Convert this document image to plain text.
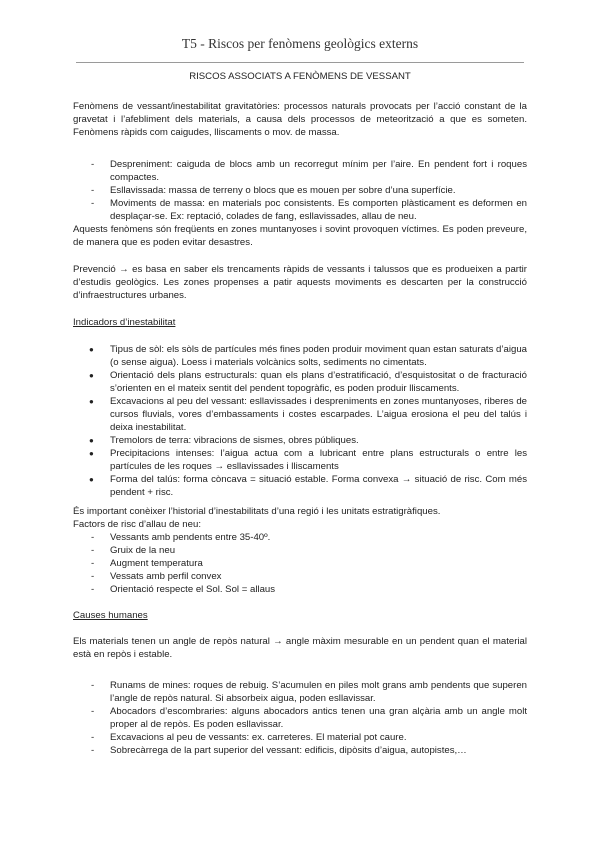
T5 - Riscos per fenòmens geològics externs
RISCOS ASSOCIATS A FENÒMENS DE VESSANT

Fenòmens de vessant/inestabilitat gravitatòries: processos naturals provocats per l’acció constant de la gravetat i l’afebliment dels materials, a causa dels processos de meteorització a que es someten. Fenòmens ràpids com caigudes, lliscaments o mov. de massa.

- Despreniment: caiguda de blocs amb un recorregut mínim per l’aire. En pendent fort i roques compactes.
- Esllavissada: massa de terreny o blocs que es mouen per sobre d’una superfície.
- Moviments de massa: en materials poc consistents. Es comporten plàsticament es deformen en desplaçar-se. Ex: reptació, colades de fang, esllavissades, allau de neu.

Aquests fenòmens són freqüents en zones muntanyoses i sovint provoquen víctimes. Es poden preveure, de manera que es poden evitar desastres.

Prevenció → es basa en saber els trencaments ràpids de vessants i talussos que es produeixen a partir d’estudis geològics. Les zones propenses a patir aquests moviments es descarten per la construcció d’infraestructures urbanes.

Indicadors d’inestabilitat

● Tipus de sòl: els sòls de partícules més fines poden produir moviment quan estan saturats d’aigua (o sense aigua). Loess i materials volcànics solts, sediments no cimentats.
● Orientació dels plans estructurals: quan els plans d’estratificació, d’esquistositat o de fracturació s’orienten en el mateix sentit del pendent topogràfic, es poden produir lliscaments.
● Excavacions al peu del vessant: esllavissades i despreniments en zones muntanyoses, riberes de cursos fluvials, vores d’embassaments i costes escarpades. L’aigua erosiona el peu del talús i deixa inestabilitat.
● Tremolors de terra: vibracions de sismes, obres públiques.
● Precipitacions intenses: l’aigua actua com a lubricant entre plans estructurals o entre les partícules de les roques → esllavissades i lliscaments
● Forma del talús: forma còncava = situació estable. Forma convexa → situació de risc. Com més pendent + risc.

És important conèixer l’historial d’inestabilitats d’una regió i les unitats estratigràfiques.

Factors de risc d’allau de neu:

- Vessants amb pendents entre 35-40º.
- Gruix de la neu
- Augment temperatura
- Vessats amb perfil convex
- Orientació respecte el Sol. Sol = allaus

Causes humanes

Els materials tenen un angle de repòs natural → angle màxim mesurable en un pendent quan el material està en repòs i estable.

- Runams de mines: roques de rebuig. S’acumulen en piles molt grans amb pendents que superen l’angle de repòs natural. Si absorbeix aigua, poden esllavissar.
- Abocadors d’escombraries: alguns abocadors antics tenen una gran alçària amb un angle molt proper al de repòs. Es poden esllavissar.
- Excavacions al peu de vessants: ex. carreteres. El material pot caure.
- Sobrecàrrega de la part superior del vessant: edificis, dipòsits d’aigua, autopistes,…
